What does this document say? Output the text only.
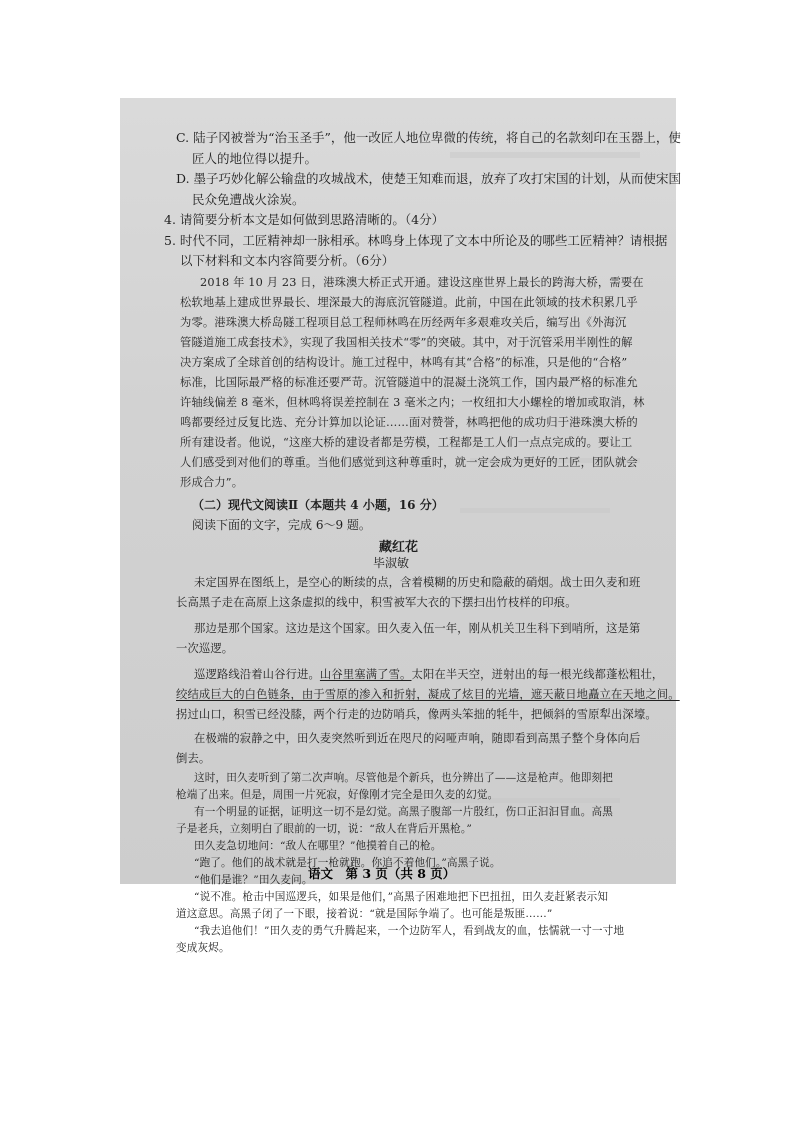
C. 陆子冈被誉为“治玉圣手”，他一改匠人地位卑微的传统，将自己的名款刻印在玉器上，使
匠人的地位得以提升。
D. 墨子巧妙化解公输盘的攻城战术，使楚王知难而退，放弃了攻打宋国的计划，从而使宋国
民众免遭战火涂炭。
4. 请简要分析本文是如何做到思路清晰的。（4分）
5. 时代不同，工匠精神却一脉相承。林鸣身上体现了文本中所论及的哪些工匠精神？请根据
以下材料和文本内容简要分析。（6分）
2018 年 10 月 23 日，港珠澳大桥正式开通。建设这座世界上最长的跨海大桥，需要在
松软地基上建成世界最长、埋深最大的海底沉管隧道。此前，中国在此领域的技术积累几乎
为零。港珠澳大桥岛隧工程项目总工程师林鸣在历经两年多艰难攻关后，编写出《外海沉
管隧道施工成套技术》，实现了我国相关技术“零”的突破。其中，对于沉管采用半刚性的解
决方案成了全球首创的结构设计。施工过程中，林鸣有其“合格”的标准，只是他的“合格”
标准，比国际最严格的标准还要严苛。沉管隧道中的混凝土浇筑工作，国内最严格的标准允
许轴线偏差 8 毫米，但林鸣将误差控制在 3 毫米之内；一枚纽扣大小螺栓的增加或取消，林
鸣都要经过反复比选、充分计算加以论证……面对赞誉，林鸣把他的成功归于港珠澳大桥的
所有建设者。他说，“这座大桥的建设者都是劳模，工程都是工人们一点点完成的。要让工
人们感受到对他们的尊重。当他们感觉到这种尊重时，就一定会成为更好的工匠，团队就会
形成合力”。
（二）现代文阅读Ⅱ（本题共 4 小题，16 分）
阅读下面的文字，完成 6～9 题。
藏红花
毕淑敏
未定国界在图纸上，是空心的断续的点，含着模糊的历史和隐蔽的硝烟。战士田久麦和班
长高黑子走在高原上这条虚拟的线中，积雪被军大衣的下摆扫出竹枝样的印痕。
那边是那个国家。这边是这个国家。田久麦入伍一年，刚从机关卫生科下到哨所，这是第
一次巡逻。
巡逻路线沿着山谷行进。山谷里塞满了雪。太阳在半天空，迸射出的每一根光线都蓬松粗壮，
绞结成巨大的白色链条，由于雪原的渗入和折射，凝成了炫目的光墙，遮天蔽日地矗立在天地之间。
拐过山口，积雪已经没膝，两个行走的边防哨兵，像两头笨拙的牦牛，把倾斜的雪原犁出深壕。
在极端的寂静之中，田久麦突然听到近在咫尺的闷哑声响，随即看到高黑子整个身体向后
倒去。
这时，田久麦听到了第二次声响。尽管他是个新兵，也分辨出了——这是枪声。他即刻把
枪端了出来。但是，周围一片死寂，好像刚才完全是田久麦的幻觉。
有一个明显的证据，证明这一切不是幻觉。高黑子腹部一片殷红，伤口正汩汩冒血。高黑
子是老兵，立刻明白了眼前的一切，说：“敌人在背后开黑枪。”
田久麦急切地问：“敌人在哪里？”他摸着自己的枪。
“跑了。他们的战术就是打一枪就跑。你追不着他们。”高黑子说。
“他们是谁？”田久麦问。
“说不准。枪击中国巡逻兵，如果是他们，”高黑子困难地把下巴扭扭，田久麦赶紧表示知
道这意思。高黑子闭了一下眼，接着说：“就是国际争端了。也可能是叛匪……”
“我去追他们！”田久麦的勇气升腾起来，一个边防军人，看到战友的血，怯懦就一寸一寸地
变成灰烬。
语文　第 3 页（共 8 页）
